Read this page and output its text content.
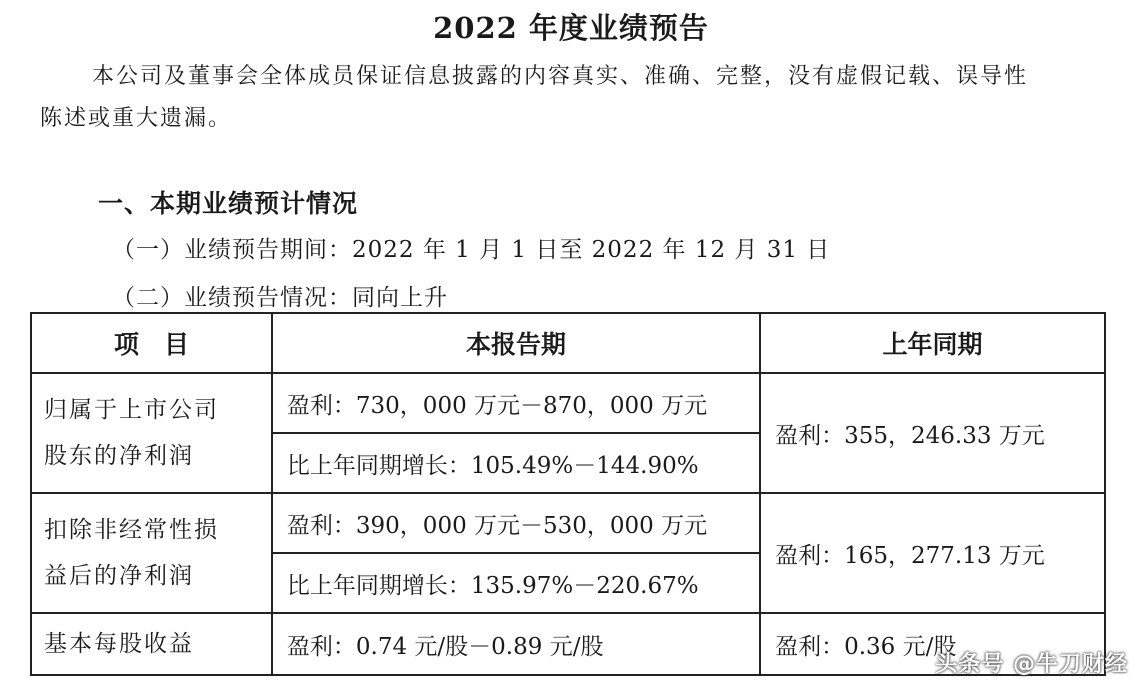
2022 年度业绩预告
本公司及董事会全体成员保证信息披露的内容真实、准确、完整，没有虚假记载、误导性
陈述或重大遗漏。
一、本期业绩预计情况
（一）业绩预告期间：2022 年 1 月 1 日至 2022 年 12 月 31 日
（二）业绩预告情况：同向上升
项　目	本报告期	上年同期
归属于上市公司
股东的净利润	盈利：730，000 万元－870，000 万元	盈利：355，246.33 万元
	比上年同期增长：105.49%－144.90%	
扣除非经常性损
益后的净利润	盈利：390，000 万元－530，000 万元	盈利：165，277.13 万元
	比上年同期增长：135.97%－220.67%	
基本每股收益	盈利：0.74 元/股－0.89 元/股	盈利：0.36 元/股
头条号 @牛刀财经
